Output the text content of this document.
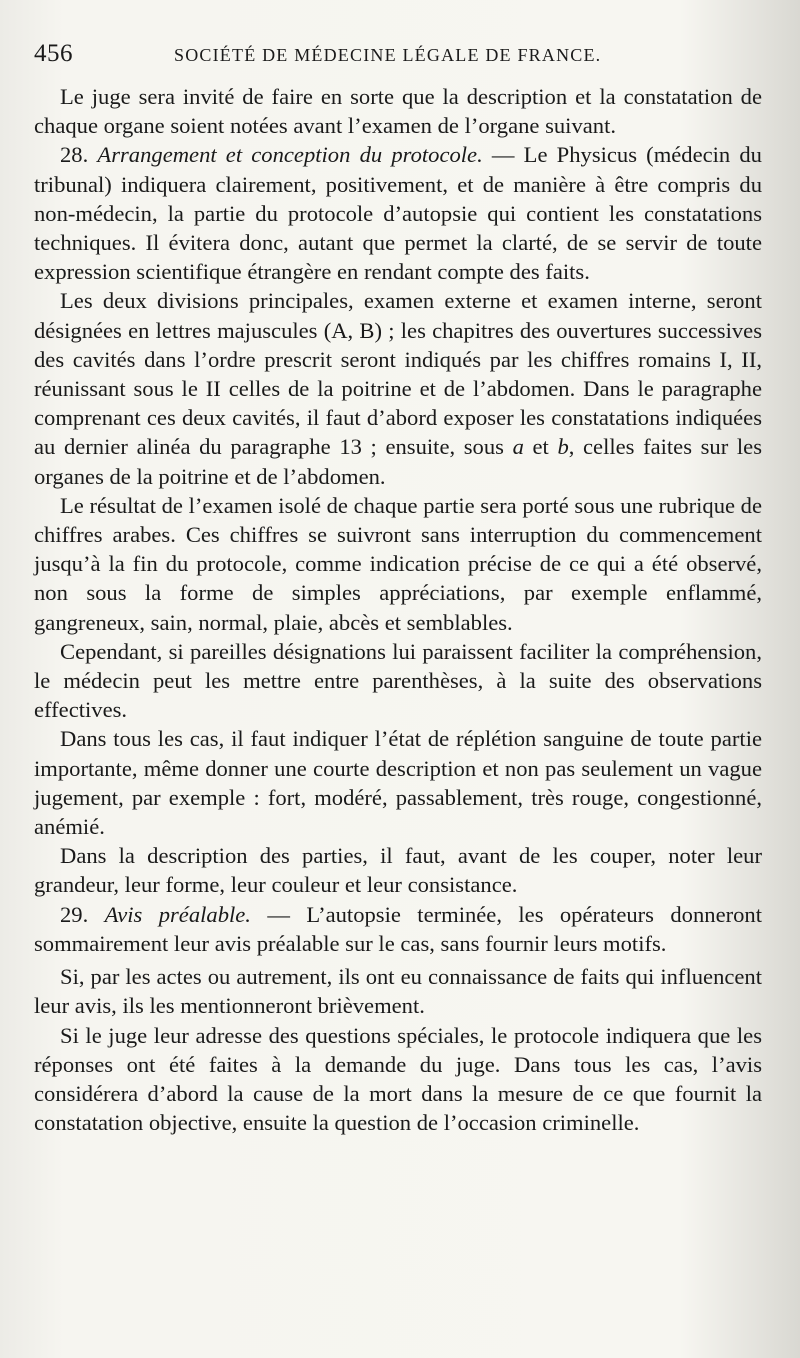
456	SOCIÉTÉ DE MÉDECINE LÉGALE DE FRANCE.

Le juge sera invité de faire en sorte que la description et la constatation de chaque organe soient notées avant l’examen de l’organe suivant.

28. Arrangement et conception du protocole. — Le Physicus (médecin du tribunal) indiquera clairement, positivement, et de manière à être compris du non-médecin, la partie du protocole d’autopsie qui contient les constatations techniques. Il évitera donc, autant que permet la clarté, de se servir de toute expression scientifique étrangère en rendant compte des faits.

Les deux divisions principales, examen externe et examen interne, seront désignées en lettres majuscules (A, B) ; les chapitres des ouvertures successives des cavités dans l’ordre prescrit seront indiqués par les chiffres romains I, II, réunissant sous le II celles de la poitrine et de l’abdomen. Dans le paragraphe comprenant ces deux cavités, il faut d’abord exposer les constatations indiquées au dernier alinéa du paragraphe 13 ; ensuite, sous a et b, celles faites sur les organes de la poitrine et de l’abdomen.

Le résultat de l’examen isolé de chaque partie sera porté sous une rubrique de chiffres arabes. Ces chiffres se suivront sans interruption du commencement jusqu’à la fin du protocole, comme indication précise de ce qui a été observé, non sous la forme de simples appréciations, par exemple enflammé, gangreneux, sain, normal, plaie, abcès et semblables.

Cependant, si pareilles désignations lui paraissent faciliter la compréhension, le médecin peut les mettre entre parenthèses, à la suite des observations effectives.

Dans tous les cas, il faut indiquer l’état de réplétion sanguine de toute partie importante, même donner une courte description et non pas seulement un vague jugement, par exemple : fort, modéré, passablement, très rouge, congestionné, anémié.

Dans la description des parties, il faut, avant de les couper, noter leur grandeur, leur forme, leur couleur et leur consistance.

29. Avis préalable. — L’autopsie terminée, les opérateurs donneront sommairement leur avis préalable sur le cas, sans fournir leurs motifs.

Si, par les actes ou autrement, ils ont eu connaissance de faits qui influencent leur avis, ils les mentionneront brièvement.

Si le juge leur adresse des questions spéciales, le protocole indiquera que les réponses ont été faites à la demande du juge. Dans tous les cas, l’avis considérera d’abord la cause de la mort dans la mesure de ce que fournit la constatation objective, ensuite la question de l’occasion criminelle.
